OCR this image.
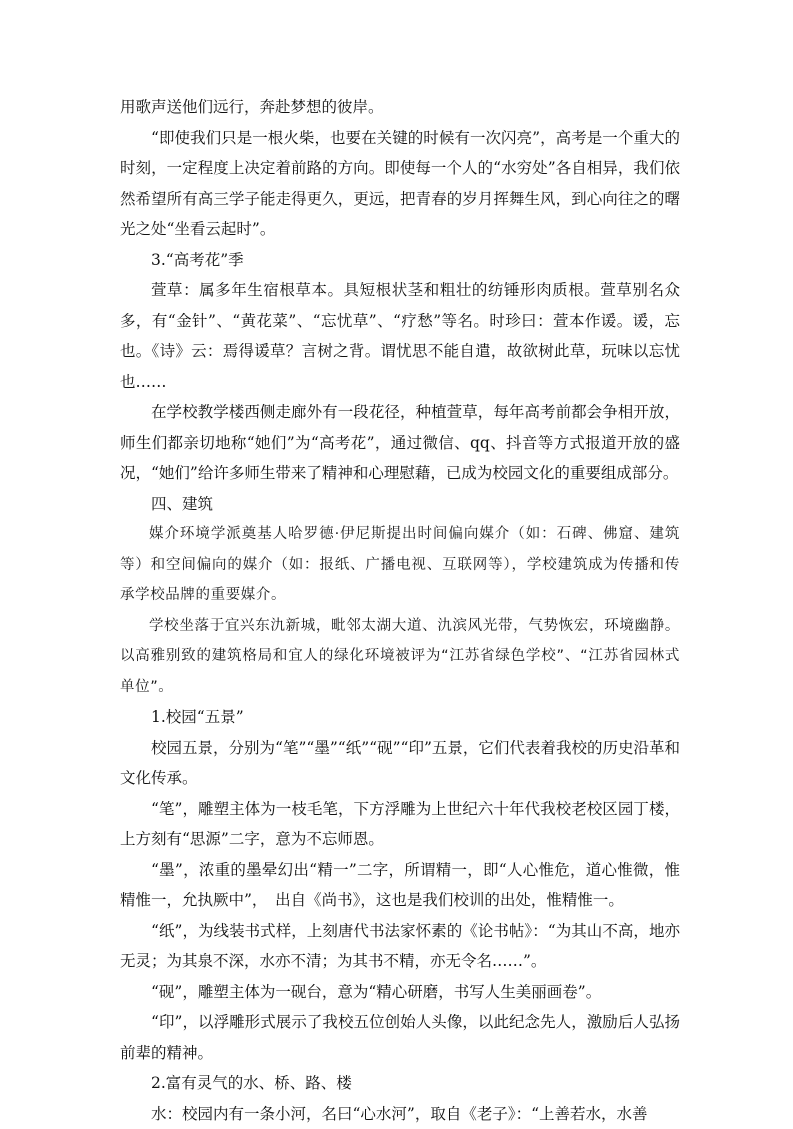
用歌声送他们远行，奔赴梦想的彼岸。

“即使我们只是一根火柴，也要在关键的时候有一次闪亮”，高考是一个重大的时刻，一定程度上决定着前路的方向。即使每一个人的“水穷处”各自相异，我们依然希望所有高三学子能走得更久，更远，把青春的岁月挥舞生风，到心向往之的曙光之处“坐看云起时”。

3.“高考花”季

萱草：属多年生宿根草本。具短根状茎和粗壮的纺锤形肉质根。萱草别名众多，有“金针”、“黄花菜”、“忘忧草”、“疗愁”等名。时珍曰：萱本作谖。谖，忘也。《诗》云：焉得谖草？言树之背。谓忧思不能自遣，故欲树此草，玩味以忘忧也……

在学校教学楼西侧走廊外有一段花径，种植萱草，每年高考前都会争相开放，师生们都亲切地称“她们”为“高考花”，通过微信、qq、抖音等方式报道开放的盛况，“她们”给许多师生带来了精神和心理慰藉，已成为校园文化的重要组成部分。

四、建筑

媒介环境学派奠基人哈罗德·伊尼斯提出时间偏向媒介（如：石碑、佛窟、建筑等）和空间偏向的媒介（如：报纸、广播电视、互联网等），学校建筑成为传播和传承学校品牌的重要媒介。

学校坐落于宜兴东氿新城，毗邻太湖大道、氿滨风光带，气势恢宏，环境幽静。以高雅别致的建筑格局和宜人的绿化环境被评为“江苏省绿色学校”、“江苏省园林式单位”。

1.校园“五景”

校园五景，分别为“笔”“墨”“纸”“砚”“印”五景，它们代表着我校的历史沿革和文化传承。

“笔”，雕塑主体为一枝毛笔，下方浮雕为上世纪六十年代我校老校区园丁楼，上方刻有“思源”二字，意为不忘师恩。

“墨”，浓重的墨晕幻出“精一”二字，所谓精一，即“人心惟危，道心惟微，惟精惟一，允执厥中”，　出自《尚书》，这也是我们校训的出处，惟精惟一。

“纸”，为线装书式样，上刻唐代书法家怀素的《论书帖》：“为其山不高，地亦无灵；为其泉不深，水亦不清；为其书不精，亦无令名……”。

“砚”，雕塑主体为一砚台，意为“精心研磨，书写人生美丽画卷”。

“印”，以浮雕形式展示了我校五位创始人头像，以此纪念先人，激励后人弘扬前辈的精神。

2.富有灵气的水、桥、路、楼

水：校园内有一条小河，名曰“心水河”，取自《老子》：“上善若水，水善
